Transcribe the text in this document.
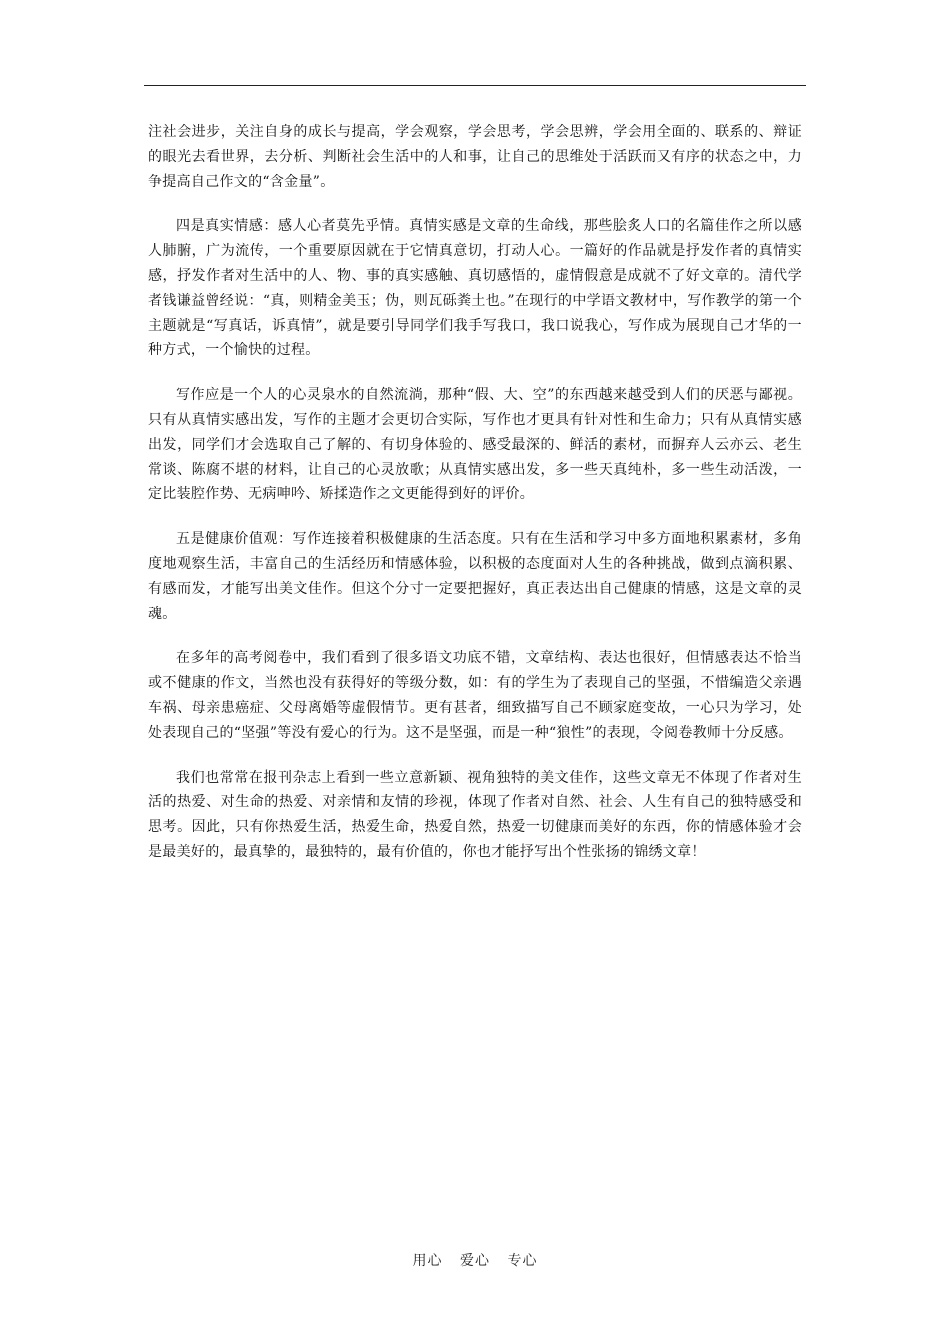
注社会进步，关注自身的成长与提高，学会观察，学会思考，学会思辨，学会用全面的、联系的、辩证的眼光去看世界，去分析、判断社会生活中的人和事，让自己的思维处于活跃而又有序的状态之中，力争提高自己作文的“含金量”。

四是真实情感：感人心者莫先乎情。真情实感是文章的生命线，那些脍炙人口的名篇佳作之所以感人肺腑，广为流传，一个重要原因就在于它情真意切，打动人心。一篇好的作品就是抒发作者的真情实感，抒发作者对生活中的人、物、事的真实感触、真切感悟的，虚情假意是成就不了好文章的。清代学者钱谦益曾经说：“真，则精金美玉；伪，则瓦砾粪土也。”在现行的中学语文教材中，写作教学的第一个主题就是“写真话，诉真情”，就是要引导同学们我手写我口，我口说我心，写作成为展现自己才华的一种方式，一个愉快的过程。

写作应是一个人的心灵泉水的自然流淌，那种“假、大、空”的东西越来越受到人们的厌恶与鄙视。只有从真情实感出发，写作的主题才会更切合实际，写作也才更具有针对性和生命力；只有从真情实感出发，同学们才会选取自己了解的、有切身体验的、感受最深的、鲜活的素材，而摒弃人云亦云、老生常谈、陈腐不堪的材料，让自己的心灵放歌；从真情实感出发，多一些天真纯朴，多一些生动活泼，一定比装腔作势、无病呻吟、矫揉造作之文更能得到好的评价。

五是健康价值观：写作连接着积极健康的生活态度。只有在生活和学习中多方面地积累素材，多角度地观察生活，丰富自己的生活经历和情感体验，以积极的态度面对人生的各种挑战，做到点滴积累、有感而发，才能写出美文佳作。但这个分寸一定要把握好，真正表达出自己健康的情感，这是文章的灵魂。

在多年的高考阅卷中，我们看到了很多语文功底不错，文章结构、表达也很好，但情感表达不恰当或不健康的作文，当然也没有获得好的等级分数，如：有的学生为了表现自己的坚强，不惜编造父亲遇车祸、母亲患癌症、父母离婚等虚假情节。更有甚者，细致描写自己不顾家庭变故，一心只为学习，处处表现自己的“坚强”等没有爱心的行为。这不是坚强，而是一种“狼性”的表现，令阅卷教师十分反感。

我们也常常在报刊杂志上看到一些立意新颖、视角独特的美文佳作，这些文章无不体现了作者对生活的热爱、对生命的热爱、对亲情和友情的珍视，体现了作者对自然、社会、人生有自己的独特感受和思考。因此，只有你热爱生活，热爱生命，热爱自然，热爱一切健康而美好的东西，你的情感体验才会是最美好的，最真挚的，最独特的，最有价值的，你也才能抒写出个性张扬的锦绣文章！

用心 爱心 专心
